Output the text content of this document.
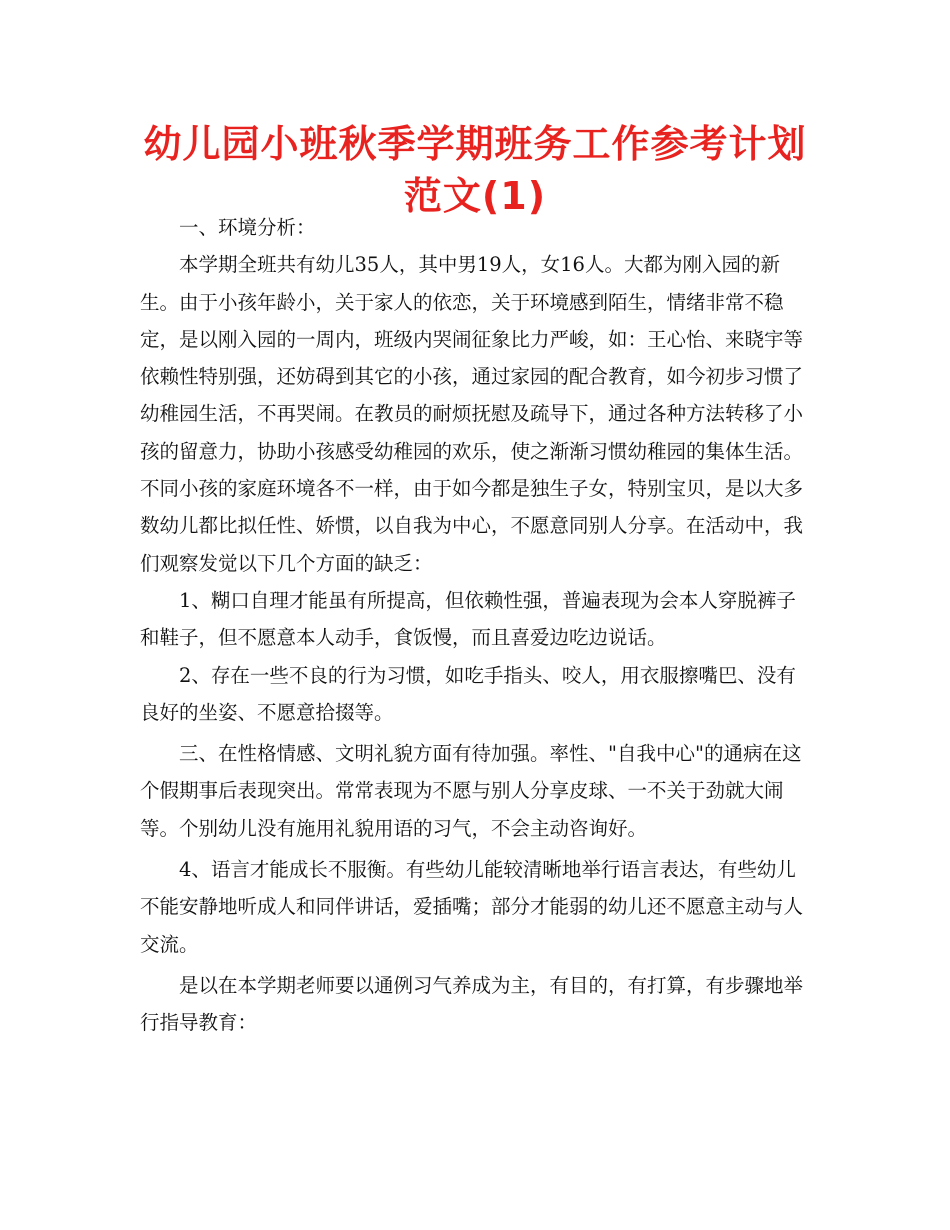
幼儿园小班秋季学期班务工作参考计划范文(1)

一、环境分析：

本学期全班共有幼儿35人，其中男19人，女16人。大都为刚入园的新生。由于小孩年龄小，关于家人的依恋，关于环境感到陌生，情绪非常不稳定，是以刚入园的一周内，班级内哭闹征象比力严峻，如：王心怡、来晓宇等依赖性特别强，还妨碍到其它的小孩，通过家园的配合教育，如今初步习惯了幼稚园生活，不再哭闹。在教员的耐烦抚慰及疏导下，通过各种方法转移了小孩的留意力，协助小孩感受幼稚园的欢乐，使之渐渐习惯幼稚园的集体生活。不同小孩的家庭环境各不一样，由于如今都是独生子女，特别宝贝，是以大多数幼儿都比拟任性、娇惯，以自我为中心，不愿意同别人分享。在活动中，我们观察发觉以下几个方面的缺乏：

1、糊口自理才能虽有所提高，但依赖性强，普遍表现为会本人穿脱裤子和鞋子，但不愿意本人动手，食饭慢，而且喜爱边吃边说话。

2、存在一些不良的行为习惯，如吃手指头、咬人，用衣服擦嘴巴、没有良好的坐姿、不愿意拾掇等。

三、在性格情感、文明礼貌方面有待加强。率性、"自我中心"的通病在这个假期事后表现突出。常常表现为不愿与别人分享皮球、一不关于劲就大闹等。个别幼儿没有施用礼貌用语的习气，不会主动咨询好。

4、语言才能成长不服衡。有些幼儿能较清晰地举行语言表达，有些幼儿不能安静地听成人和同伴讲话，爱插嘴；部分才能弱的幼儿还不愿意主动与人交流。

是以在本学期老师要以通例习气养成为主，有目的，有打算，有步骤地举行指导教育：
